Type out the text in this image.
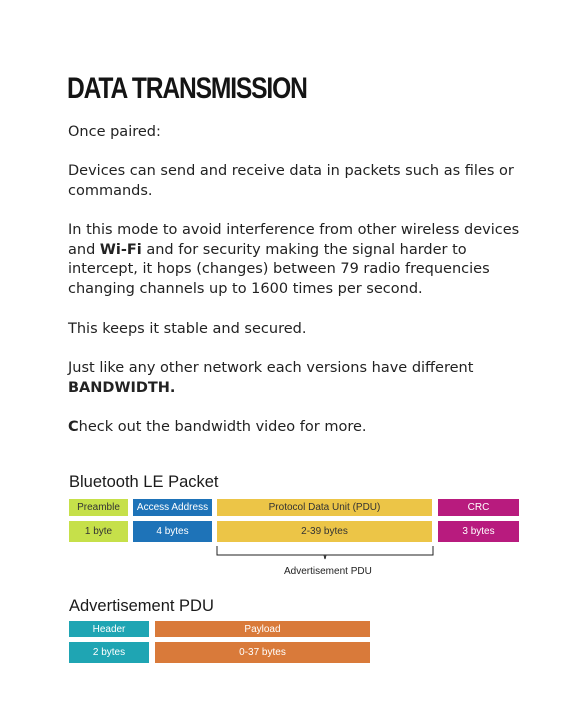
DATA TRANSMISSION
Once paired:
Devices can send and receive data in packets such as files or commands.
In this mode to avoid interference from other wireless devices and Wi-Fi and for security making the signal harder to intercept, it hops (changes) between 79 radio frequencies changing channels up to 1600 times per second.
This keeps it stable and secured.
Just like any other network each versions have different BANDWIDTH.
Check out the bandwidth video for more.
Bluetooth LE Packet
Preamble	Access Address	Protocol Data Unit (PDU)	CRC
1 byte	4 bytes	2-39 bytes	3 bytes
Advertisement PDU
Advertisement PDU
Header	Payload
2 bytes	0-37 bytes
